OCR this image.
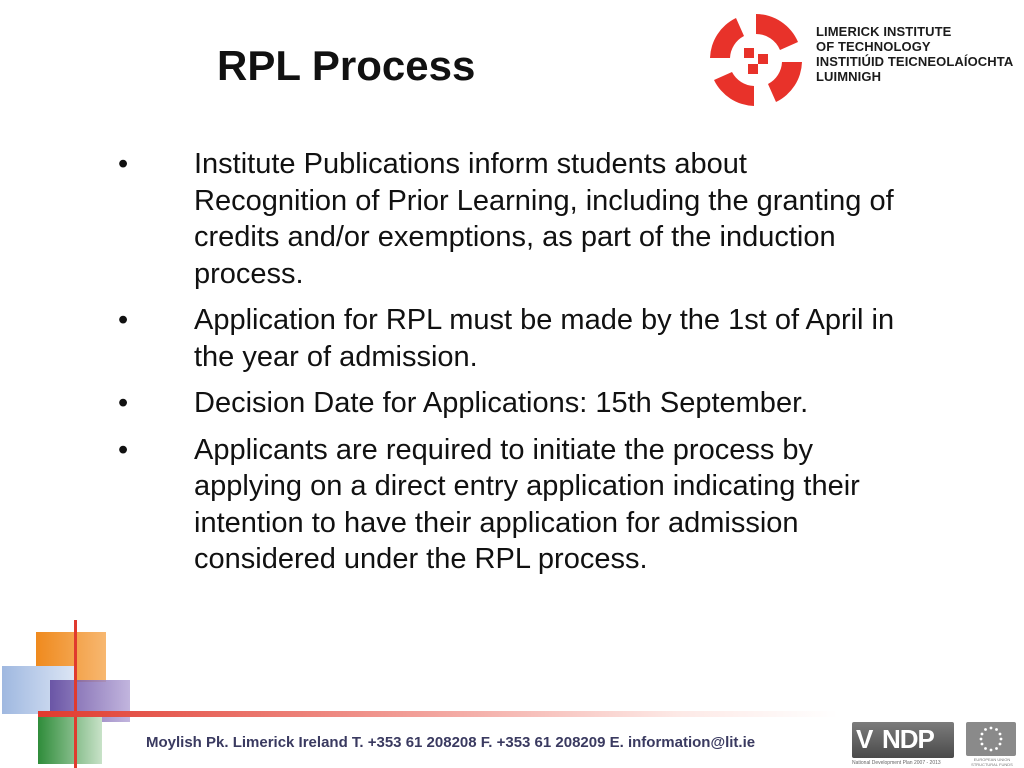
RPL Process
LIMERICK INSTITUTE
OF TECHNOLOGY
INSTITIÚID TEICNEOLAÍOCHTA
LUIMNIGH
• Institute Publications inform students about Recognition of Prior Learning, including the granting of credits and/or exemptions, as part of the induction process.
• Application for RPL must be made by the 1st of April in the year of admission.
• Decision Date for Applications: 15th September.
• Applicants are required to initiate the process by applying on a direct entry application indicating their intention to have their application for admission considered under the RPL process.
Moylish Pk. Limerick Ireland T. +353 61 208208 F. +353 61 208209 E. information@lit.ie	V NDP
National Development Plan 2007 - 2013
EUROPEAN UNION STRUCTURAL FUNDS
